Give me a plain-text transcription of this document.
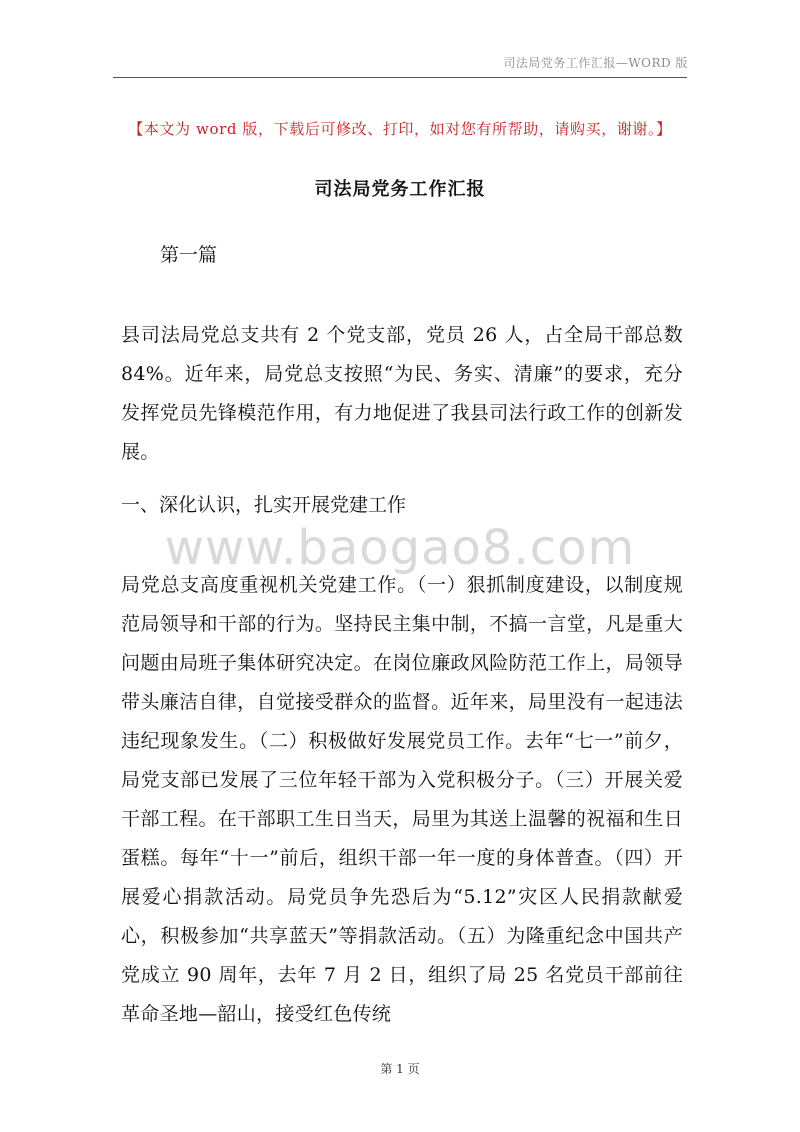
司法局党务工作汇报—WORD 版
【本文为 word 版，下载后可修改、打印，如对您有所帮助，请购买，谢谢。】
司法局党务工作汇报
第一篇

县司法局党总支共有 2 个党支部，党员 26 人，占全局干部总数 84%。近年来，局党总支按照“为民、务实、清廉”的要求，充分发挥党员先锋模范作用，有力地促进了我县司法行政工作的创新发展。

一、深化认识，扎实开展党建工作

www.baogao8.com

局党总支高度重视机关党建工作。（一）狠抓制度建设，以制度规范局领导和干部的行为。坚持民主集中制，不搞一言堂，凡是重大问题由局班子集体研究决定。在岗位廉政风险防范工作上，局领导带头廉洁自律，自觉接受群众的监督。近年来，局里没有一起违法违纪现象发生。（二）积极做好发展党员工作。去年“七一”前夕，局党支部已发展了三位年轻干部为入党积极分子。（三）开展关爱干部工程。在干部职工生日当天，局里为其送上温馨的祝福和生日蛋糕。每年“十一”前后，组织干部一年一度的身体普查。（四）开展爱心捐款活动。局党员争先恐后为“5.12”灾区人民捐款献爱心，积极参加“共享蓝天”等捐款活动。（五）为隆重纪念中国共产党成立 90 周年，去年 7 月 2 日，组织了局 25 名党员干部前往革命圣地—韶山，接受红色传统

第 1 页
